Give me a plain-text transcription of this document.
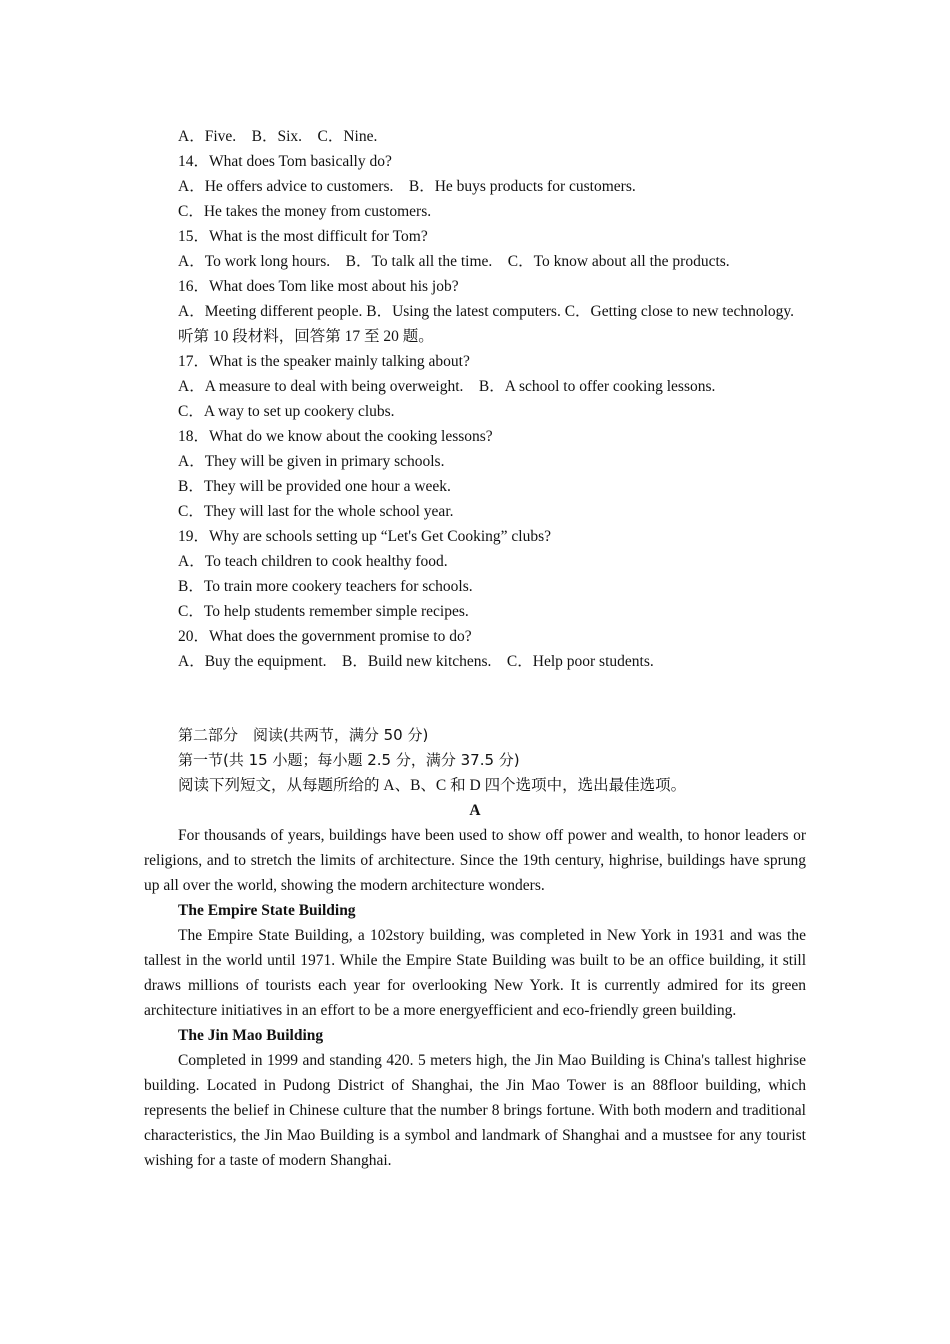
A．Five.    B．Six.    C．Nine.

14．What does Tom basically do?

A．He offers advice to customers.    B．He buys products for customers.

C．He takes the money from customers.

15．What is the most difficult for Tom?

A．To work long hours.    B．To talk all the time.    C．To know about all the products.

16．What does Tom like most about his job?

A．Meeting different people. B．Using the latest computers. C．Getting close to new technology.

听第 10 段材料，回答第 17 至 20 题。

17．What is the speaker mainly talking about?

A．A measure to deal with being overweight.    B．A school to offer cooking lessons.

C．A way to set up cookery clubs.

18．What do we know about the cooking lessons?

A．They will be given in primary schools.

B．They will be provided one hour a week.

C．They will last for the whole school year.

19．Why are schools setting up “Let's Get Cooking” clubs?

A．To teach children to cook healthy food.

B．To train more cookery teachers for schools.

C．To help students remember simple recipes.

20．What does the government promise to do?

A．Buy the equipment.    B．Build new kitchens.    C．Help poor students.

第二部分　阅读(共两节，满分 50 分)

第一节(共 15 小题；每小题 2.5 分，满分 37.5 分)

阅读下列短文，从每题所给的 A、B、C 和 D 四个选项中，选出最佳选项。

A

For thousands of years, buildings have been used to show off power and wealth, to honor leaders or religions, and to stretch the limits of architecture. Since the 19th century, highrise, buildings have sprung up all over the world, showing the modern architecture wonders.

The Empire State Building

The Empire State Building, a 102story building, was completed in New York in 1931 and was the tallest in the world until 1971. While the Empire State Building was built to be an office building, it still draws millions of tourists each year for overlooking New York. It is currently admired for its green architecture initiatives in an effort to be a more energyefficient and eco-friendly green building.

The Jin Mao Building

Completed in 1999 and standing 420. 5 meters high, the Jin Mao Building is China's tallest highrise building. Located in Pudong District of Shanghai, the Jin Mao Tower is an 88floor building, which represents the belief in Chinese culture that the number 8 brings fortune. With both modern and traditional characteristics, the Jin Mao Building is a symbol and landmark of Shanghai and a mustsee for any tourist wishing for a taste of modern Shanghai.
